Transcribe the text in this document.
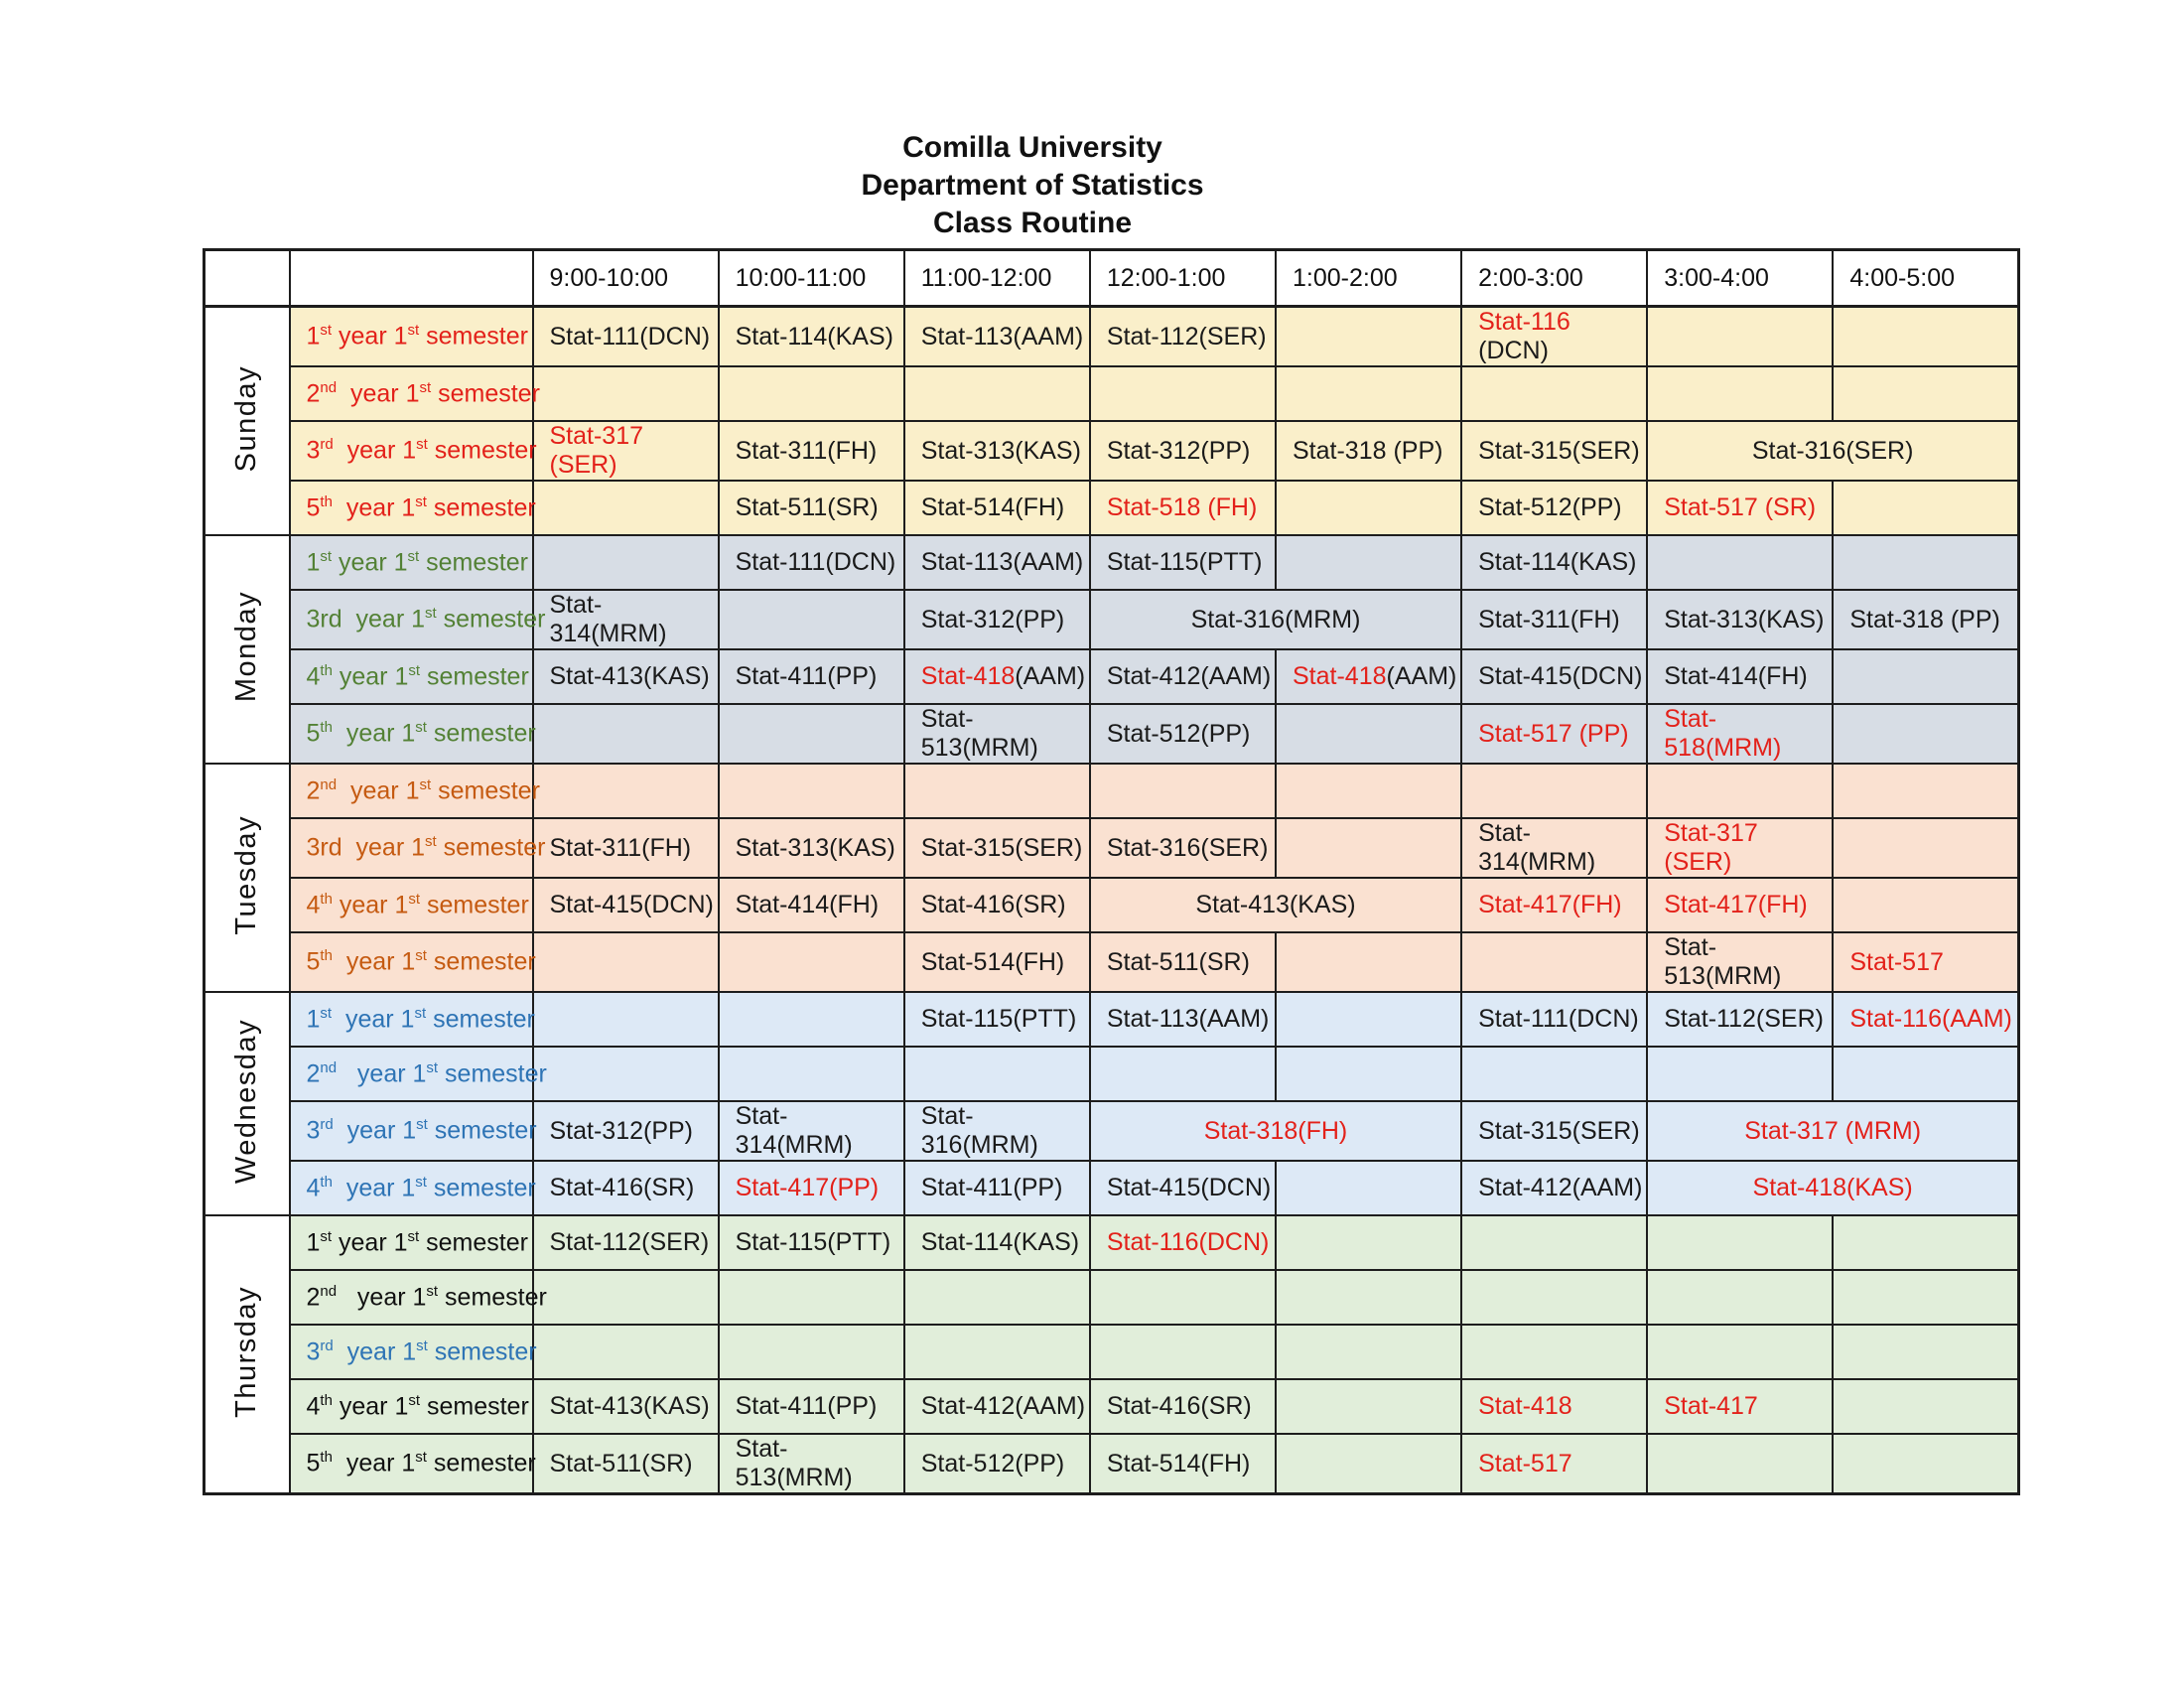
Comilla University
Department of Statistics
Class Routine
		9:00-10:00	10:00-11:00	11:00-12:00	12:00-1:00	1:00-2:00	2:00-3:00	3:00-4:00	4:00-5:00
Sunday	1st year 1st semester	Stat-111(DCN)	Stat-114(KAS)	Stat-113(AAM)	Stat-112(SER)		Stat-116 (DCN)		
	2nd  year 1st semester								
	3rd  year 1st semester	Stat-317 (SER)	Stat-311(FH)	Stat-313(KAS)	Stat-312(PP)	Stat-318 (PP)	Stat-315(SER)	Stat-316(SER)	
	5th  year 1st semester		Stat-511(SR)	Stat-514(FH)	Stat-518 (FH)		Stat-512(PP)	Stat-517 (SR)	
Monday	1st year 1st semester		Stat-111(DCN)	Stat-113(AAM)	Stat-115(PTT)		Stat-114(KAS)		
	3rd  year 1st semester	Stat-314(MRM)		Stat-312(PP)	Stat-316(MRM)		Stat-311(FH)	Stat-313(KAS)	Stat-318 (PP)
	4th year 1st semester	Stat-413(KAS)	Stat-411(PP)	Stat-418(AAM)	Stat-412(AAM)	Stat-418(AAM)	Stat-415(DCN)	Stat-414(FH)	
	5th  year 1st semester			Stat-513(MRM)	Stat-512(PP)		Stat-517 (PP)	Stat-518(MRM)	
Tuesday	2nd  year 1st semester								
	3rd  year 1st semester	Stat-311(FH)	Stat-313(KAS)	Stat-315(SER)	Stat-316(SER)		Stat-314(MRM)	Stat-317 (SER)	
	4th year 1st semester	Stat-415(DCN)	Stat-414(FH)	Stat-416(SR)	Stat-413(KAS)		Stat-417(FH)	Stat-417(FH)	
	5th  year 1st semester			Stat-514(FH)	Stat-511(SR)			Stat-513(MRM)	Stat-517
Wednesday	1st  year 1st semester			Stat-115(PTT)	Stat-113(AAM)		Stat-111(DCN)	Stat-112(SER)	Stat-116(AAM)
	2nd   year 1st semester								
	3rd  year 1st semester	Stat-312(PP)	Stat-314(MRM)	Stat-316(MRM)	Stat-318(FH)		Stat-315(SER)	Stat-317 (MRM)	
	4th  year 1st semester	Stat-416(SR)	Stat-417(PP)	Stat-411(PP)	Stat-415(DCN)		Stat-412(AAM)	Stat-418(KAS)	
Thursday	1st year 1st semester	Stat-112(SER)	Stat-115(PTT)	Stat-114(KAS)	Stat-116(DCN)				
	2nd   year 1st semester								
	3rd  year 1st semester								
	4th year 1st semester	Stat-413(KAS)	Stat-411(PP)	Stat-412(AAM)	Stat-416(SR)		Stat-418	Stat-417	
	5th  year 1st semester	Stat-511(SR)	Stat-513(MRM)	Stat-512(PP)	Stat-514(FH)		Stat-517		
